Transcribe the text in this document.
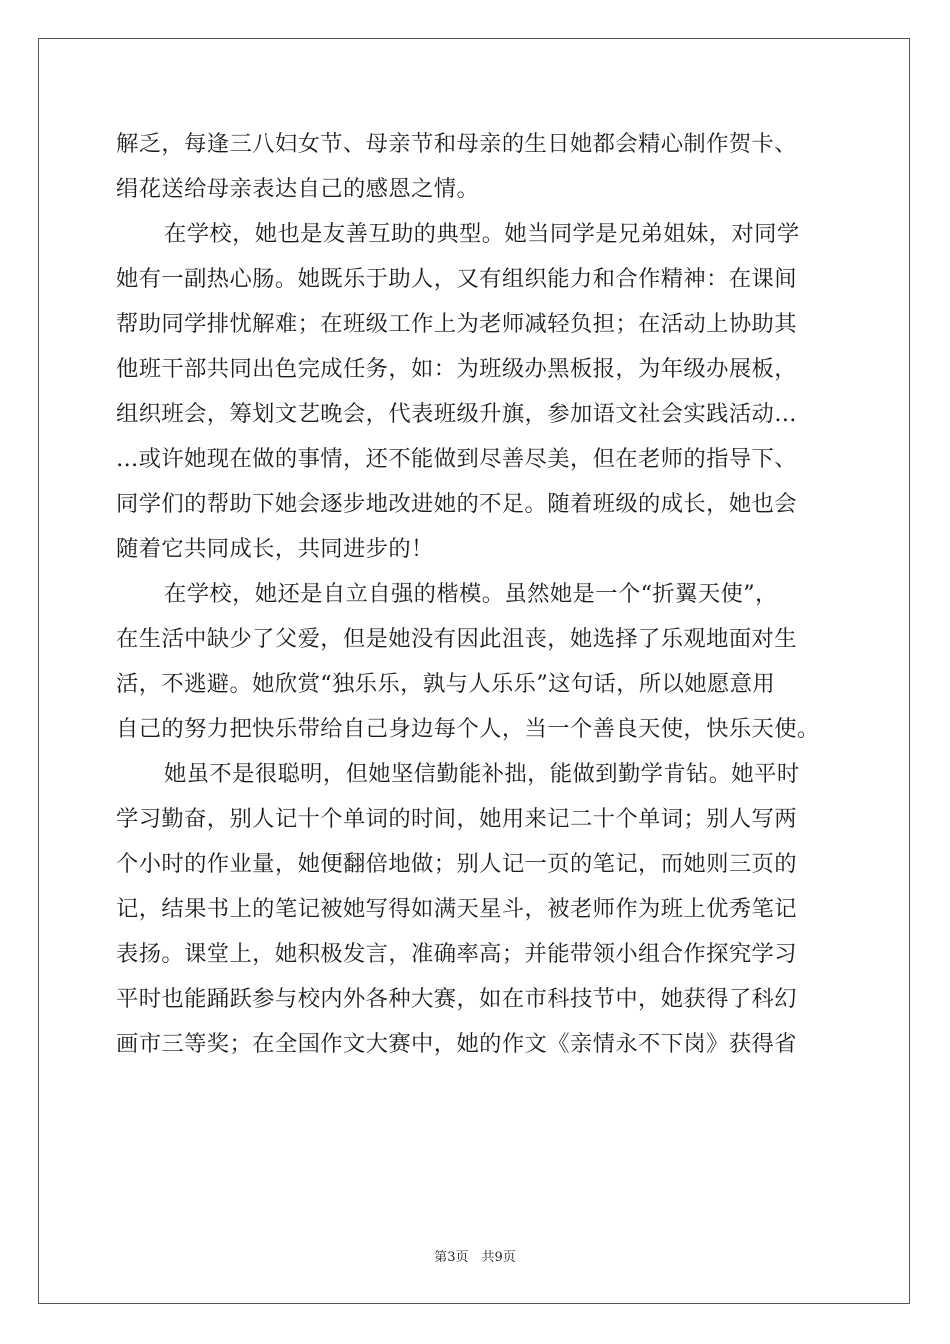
解乏，每逢三八妇女节、母亲节和母亲的生日她都会精心制作贺卡、
绢花送给母亲表达自己的感恩之情。
在学校，她也是友善互助的典型。她当同学是兄弟姐妹，对同学
她有一副热心肠。她既乐于助人，又有组织能力和合作精神：在课间
帮助同学排忧解难；在班级工作上为老师减轻负担；在活动上协助其
他班干部共同出色完成任务，如：为班级办黑板报，为年级办展板，
组织班会，筹划文艺晚会，代表班级升旗，参加语文社会实践活动…
…或许她现在做的事情，还不能做到尽善尽美，但在老师的指导下、
同学们的帮助下她会逐步地改进她的不足。随着班级的成长，她也会
随着它共同成长，共同进步的！
在学校，她还是自立自强的楷模。虽然她是一个“折翼天使”，
在生活中缺少了父爱，但是她没有因此沮丧，她选择了乐观地面对生
活，不逃避。她欣赏“独乐乐，孰与人乐乐”这句话，所以她愿意用
自己的努力把快乐带给自己身边每个人，当一个善良天使，快乐天使。
她虽不是很聪明，但她坚信勤能补拙，能做到勤学肯钻。她平时
学习勤奋，别人记十个单词的时间，她用来记二十个单词；别人写两
个小时的作业量，她便翻倍地做；别人记一页的笔记，而她则三页的
记，结果书上的笔记被她写得如满天星斗，被老师作为班上优秀笔记
表扬。课堂上，她积极发言，准确率高；并能带领小组合作探究学习
平时也能踊跃参与校内外各种大赛，如在市科技节中，她获得了科幻
画市三等奖；在全国作文大赛中，她的作文《亲情永不下岗》获得省
第3页　共9页
